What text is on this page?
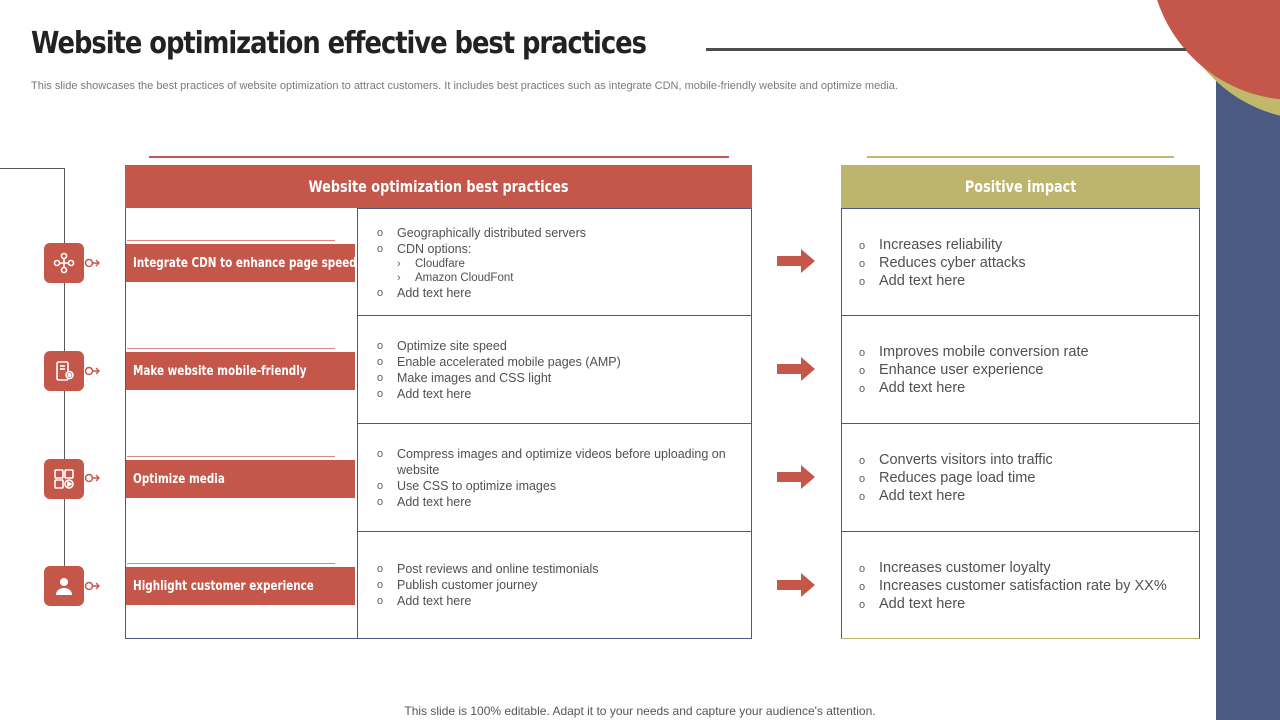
Website optimization effective best practices

This slide showcases the best practices of website optimization to attract customers. It includes best practices such as integrate CDN, mobile-friendly website and optimize media.

Website optimization best practices
Integrate CDN to enhance page speed
Make website mobile-friendly
Optimize media
Highlight customer experience
o Geographically distributed servers
o CDN options:
› Cloudfare
› Amazon CloudFont
o Add text here
o Optimize site speed
o Enable accelerated mobile pages (AMP)
o Make images and CSS light
o Add text here
o Compress images and optimize videos before uploading on website
o Use CSS to optimize images
o Add text here
o Post reviews and online testimonials
o Publish customer journey
o Add text here
Positive impact
o Increases reliability
o Reduces cyber attacks
o Add text here
o Improves mobile conversion rate
o Enhance user experience
o Add text here
o Converts visitors into traffic
o Reduces page load time
o Add text here
o Increases customer loyalty
o Increases customer satisfaction rate by XX%
o Add text here

This slide is 100% editable. Adapt it to your needs and capture your audience's attention.
